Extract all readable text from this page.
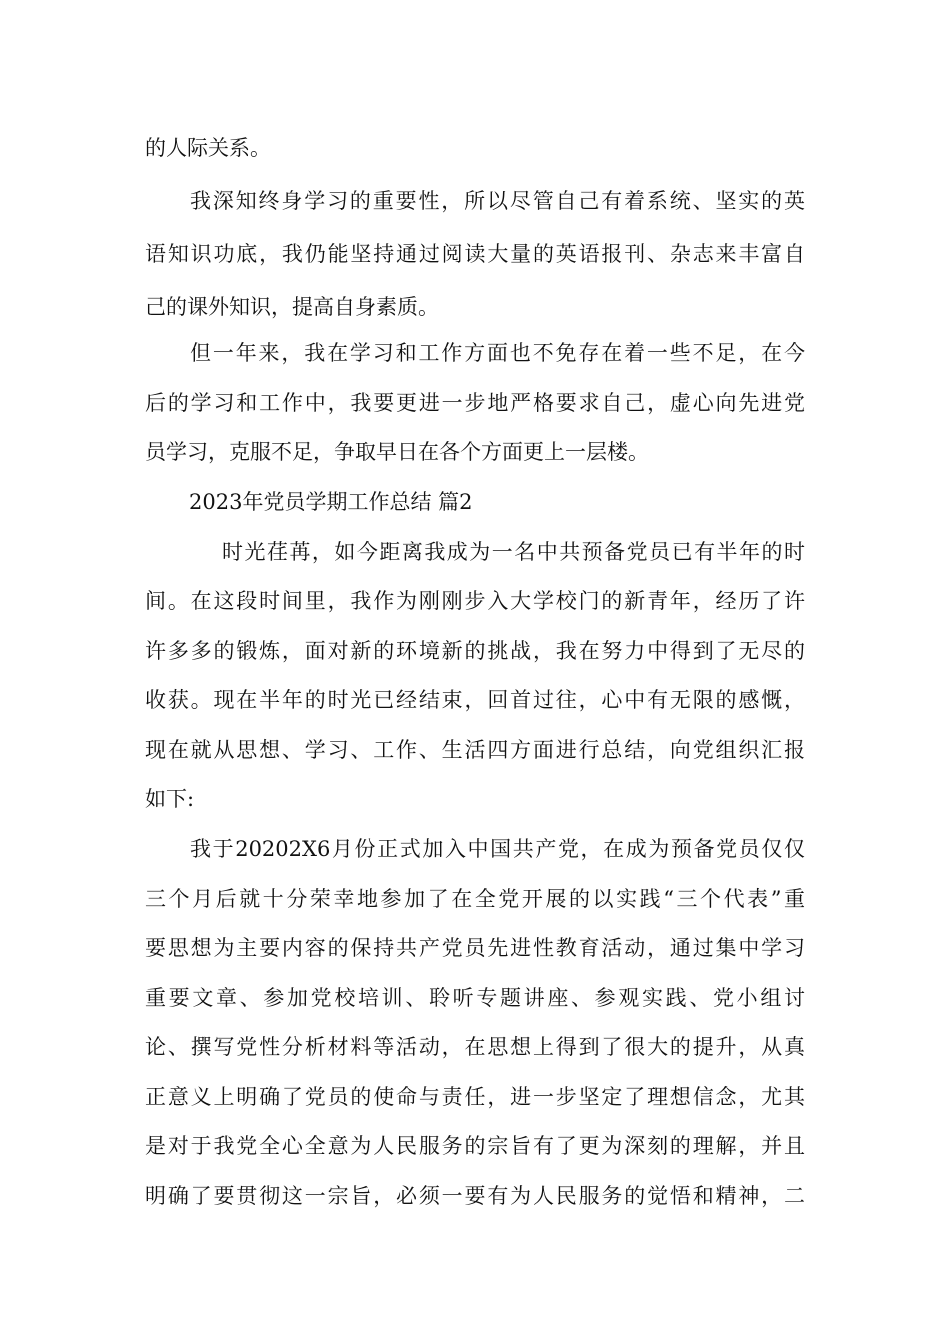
的人际关系。
我深知终身学习的重要性，所以尽管自己有着系统、坚实的英
语知识功底，我仍能坚持通过阅读大量的英语报刊、杂志来丰富自
己的课外知识，提高自身素质。
但一年来，我在学习和工作方面也不免存在着一些不足，在今
后的学习和工作中，我要更进一步地严格要求自己，虚心向先进党
员学习，克服不足，争取早日在各个方面更上一层楼。
2023年党员学期工作总结 篇2
时光荏苒，如今距离我成为一名中共预备党员已有半年的时
间。在这段时间里，我作为刚刚步入大学校门的新青年，经历了许
许多多的锻炼，面对新的环境新的挑战，我在努力中得到了无尽的
收获。现在半年的时光已经结束，回首过往，心中有无限的感慨，
现在就从思想、学习、工作、生活四方面进行总结，向党组织汇报
如下:
我于20202X6月份正式加入中国共产党，在成为预备党员仅仅
三个月后就十分荣幸地参加了在全党开展的以实践“三个代表”重
要思想为主要内容的保持共产党员先进性教育活动，通过集中学习
重要文章、参加党校培训、聆听专题讲座、参观实践、党小组讨
论、撰写党性分析材料等活动，在思想上得到了很大的提升，从真
正意义上明确了党员的使命与责任，进一步坚定了理想信念，尤其
是对于我党全心全意为人民服务的宗旨有了更为深刻的理解，并且
明确了要贯彻这一宗旨，必须一要有为人民服务的觉悟和精神，二
